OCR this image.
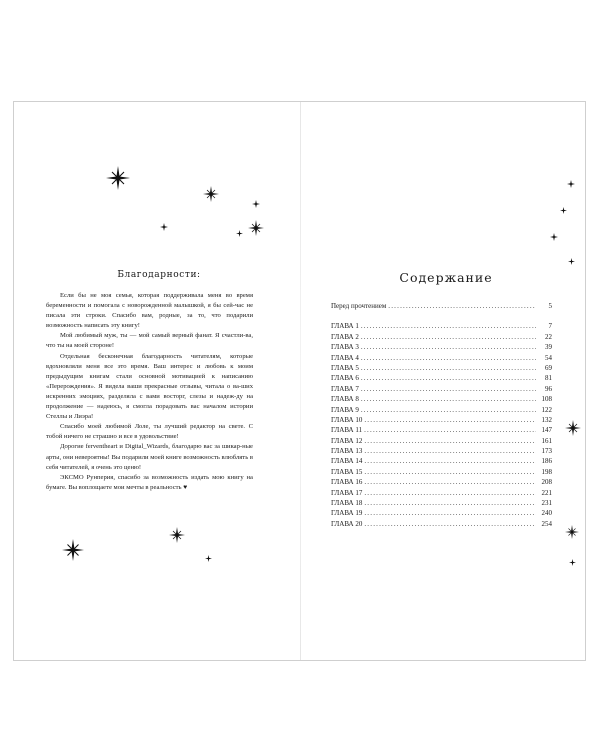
Благодарности:

Если бы не моя семья, которая поддерживала меня во время беременности и помогала с новорожденной малышкой, я бы сей-час не писала эти строки. Спасибо вам, родные, за то, что подарили возможность написать эту книгу!

Мой любимый муж, ты — мой самый верный фанат. Я счастли-ва, что ты на моей стороне!

Отдельная бесконечная благодарность читателям, которые вдохновляли меня все это время. Ваш интерес и любовь к моим предыдущим книгам стали основной мотивацией к написанию «Перерождения». Я видела ваши прекрасные отзывы, читала о ва-ших искренних эмоциях, разделяла с вами восторг, слезы и надеж-ду на продолжение — надеюсь, я смогла порадовать вас началом истории Стеллы и Лиэра!

Спасибо моей любимой Лоле, ты лучший редактор на свете. С тобой ничего не страшно и все в удовольствие!

Дорогие ferventheart и Digital_Wizards, благодарю вас за шикар-ные арты, они невероятны! Вы подарили моей книге возможность влюблять в себя читателей, я очень это ценю!

ЭКСМО Рунперия, спасибо за возможность издать мою книгу на бумаге. Вы воплощаете мои мечты в реальность ♥

Содержание
Перед прочтением .....	5
ГЛАВА 1 .....	7
ГЛАВА 2 .....	22
ГЛАВА 3 .....	39
ГЛАВА 4 .....	54
ГЛАВА 5 .....	69
ГЛАВА 6 .....	81
ГЛАВА 7 .....	96
ГЛАВА 8 .....	108
ГЛАВА 9 .....	122
ГЛАВА 10 .....	132
ГЛАВА 11 .....	147
ГЛАВА 12 .....	161
ГЛАВА 13 .....	173
ГЛАВА 14 .....	186
ГЛАВА 15 .....	198
ГЛАВА 16 .....	208
ГЛАВА 17 .....	221
ГЛАВА 18 .....	231
ГЛАВА 19 .....	240
ГЛАВА 20 .....	254
